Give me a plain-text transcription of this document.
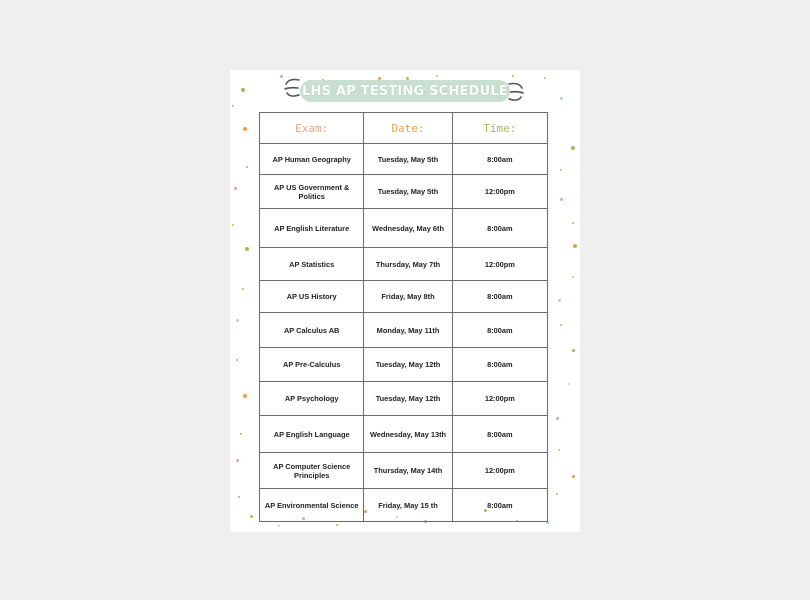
LHS AP TESTING SCHEDULE
Exam:	Date:	Time:
AP Human Geography	Tuesday, May 5th	8:00am
AP US Government & Politics	Tuesday, May 5th	12:00pm
AP English Literature	Wednesday, May 6th	8:00am
AP Statistics	Thursday, May 7th	12:00pm
AP US History	Friday, May 8th	8:00am
AP Calculus AB	Monday, May 11th	8:00am
AP Pre-Calculus	Tuesday, May 12th	8:00am
AP Psychology	Tuesday, May 12th	12:00pm
AP English Language	Wednesday, May 13th	8:00am
AP Computer Science Principles	Thursday, May 14th	12:00pm
AP Environmental Science	Friday, May 15 th	8:00am
